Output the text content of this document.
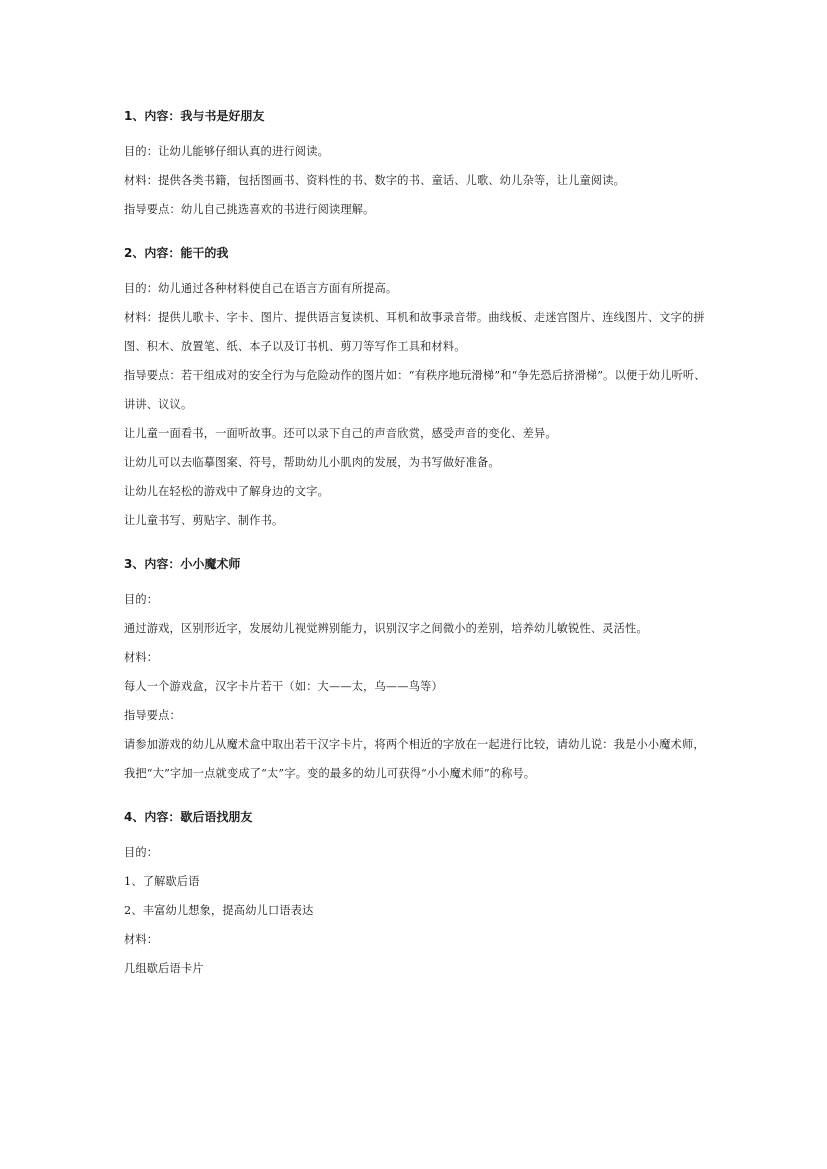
1、内容：我与书是好朋友

目的：让幼儿能够仔细认真的进行阅读。

材料：提供各类书籍，包括图画书、资料性的书、数字的书、童话、儿歌、幼儿杂等，让儿童阅读。

指导要点：幼儿自己挑选喜欢的书进行阅读理解。

2、内容：能干的我

目的：幼儿通过各种材料使自己在语言方面有所提高。

材料：提供儿歌卡、字卡、图片、提供语言复读机、耳机和故事录音带。曲线板、走迷宫图片、连线图片、文字的拼图、积木、放置笔、纸、本子以及订书机、剪刀等写作工具和材料。

指导要点：若干组成对的安全行为与危险动作的图片如：“有秩序地玩滑梯”和“争先恐后挤滑梯”。以便于幼儿听听、讲讲、议议。

让儿童一面看书，一面听故事。还可以录下自己的声音欣赏，感受声音的变化、差异。

让幼儿可以去临摹图案、符号，帮助幼儿小肌肉的发展，为书写做好准备。

让幼儿在轻松的游戏中了解身边的文字。

让儿童书写、剪贴字、制作书。

3、内容：小小魔术师

目的：

通过游戏，区别形近字，发展幼儿视觉辨别能力，识别汉字之间微小的差别，培养幼儿敏锐性、灵活性。

材料：

每人一个游戏盒，汉字卡片若干（如：大——太，乌——鸟等）

指导要点：

请参加游戏的幼儿从魔术盒中取出若干汉字卡片，将两个相近的字放在一起进行比较，请幼儿说：我是小小魔术师，我把“大”字加一点就变成了“太”字。变的最多的幼儿可获得“小小魔术师”的称号。

4、内容：歇后语找朋友

目的：

1、了解歇后语

2、丰富幼儿想象，提高幼儿口语表达

材料：

几组歇后语卡片
